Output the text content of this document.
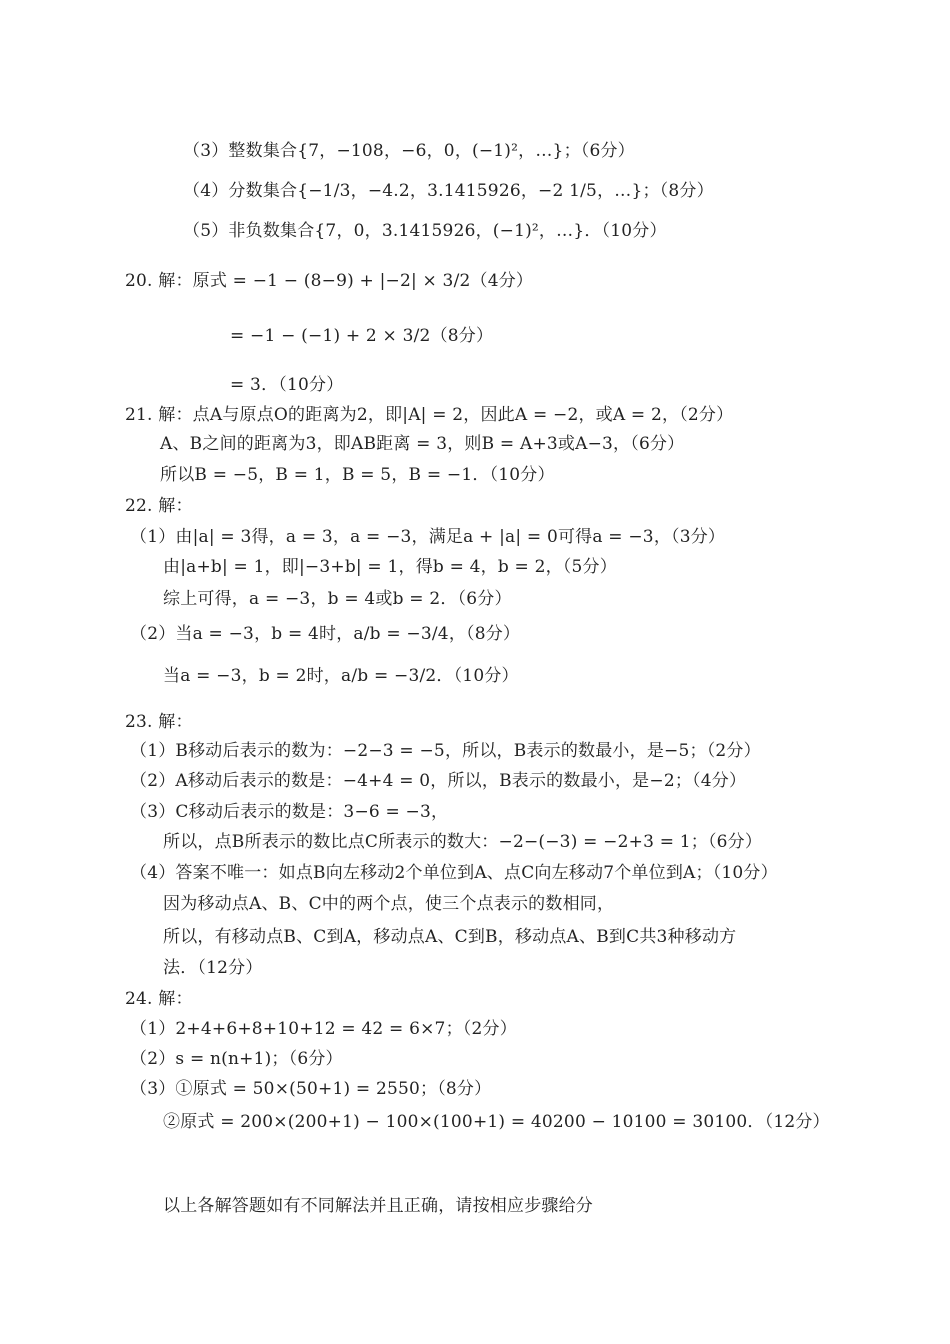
（3）整数集合{7，−108，−6，0，(−1)²，…}；（6分）
（4）分数集合{−1/3，−4.2，3.1415926，−2 1/5，…}；（8分）
（5）非负数集合{7，0，3.1415926，(−1)²，…}．（10分）
20. 解：原式 = −1 − (8−9) + |−2| × 3/2（4分）
= −1 − (−1) + 2 × 3/2（8分）
= 3．（10分）
21. 解：点A与原点O的距离为2，即|A| = 2，因此A = −2，或A = 2，（2分）
A、B之间的距离为3，即AB距离 = 3，则B = A+3或A−3，（6分）
所以B = −5，B = 1，B = 5，B = −1．（10分）
22. 解：
（1）由|a| = 3得，a = 3，a = −3，满足a + |a| = 0可得a = −3，（3分）
由|a+b| = 1，即|−3+b| = 1，得b = 4，b = 2，（5分）
综上可得，a = −3，b = 4或b = 2．（6分）
（2）当a = −3，b = 4时，a/b = −3/4，（8分）
当a = −3，b = 2时，a/b = −3/2．（10分）
23. 解：
（1）B移动后表示的数为：−2−3 = −5，所以，B表示的数最小，是−5；（2分）
（2）A移动后表示的数是：−4+4 = 0，所以，B表示的数最小，是−2；（4分）
（3）C移动后表示的数是：3−6 = −3，
所以，点B所表示的数比点C所表示的数大：−2−(−3) = −2+3 = 1；（6分）
（4）答案不唯一：如点B向左移动2个单位到A、点C向左移动7个单位到A；（10分）
因为移动点A、B、C中的两个点，使三个点表示的数相同，
所以，有移动点B、C到A，移动点A、C到B，移动点A、B到C共3种移动方
法．（12分）
24. 解：
（1）2+4+6+8+10+12 = 42 = 6×7；（2分）
（2）s = n(n+1)；（6分）
（3）①原式 = 50×(50+1) = 2550；（8分）
②原式 = 200×(200+1) − 100×(100+1) = 40200 − 10100 = 30100．（12分）
以上各解答题如有不同解法并且正确，请按相应步骤给分
